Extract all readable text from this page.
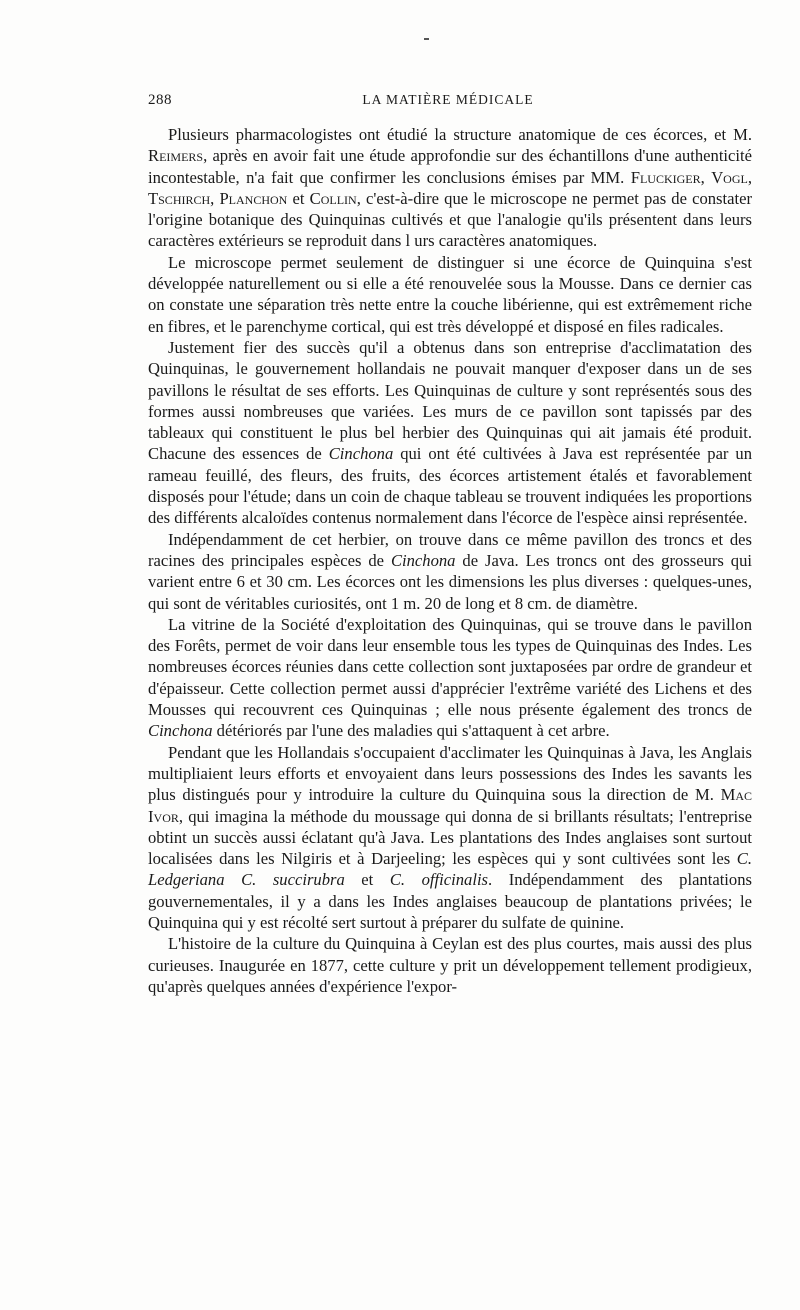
288	LA MATIÈRE MÉDICALE

Plusieurs pharmacologistes ont étudié la structure anatomique de ces écorces, et M. Reimers, après en avoir fait une étude approfondie sur des échantillons d'une authenticité incontestable, n'a fait que confirmer les conclusions émises par MM. Fluckiger, Vogl, Tschirch, Planchon et Collin, c'est-à-dire que le microscope ne permet pas de constater l'origine botanique des Quinquinas cultivés et que l'analogie qu'ils présentent dans leurs caractères extérieurs se reproduit dans l urs caractères anatomiques.

Le microscope permet seulement de distinguer si une écorce de Quinquina s'est développée naturellement ou si elle a été renouvelée sous la Mousse. Dans ce dernier cas on constate une séparation très nette entre la couche libérienne, qui est extrêmement riche en fibres, et le parenchyme cortical, qui est très développé et disposé en files radicales.

Justement fier des succès qu'il a obtenus dans son entreprise d'acclimatation des Quinquinas, le gouvernement hollandais ne pouvait manquer d'exposer dans un de ses pavillons le résultat de ses efforts. Les Quinquinas de culture y sont représentés sous des formes aussi nombreuses que variées. Les murs de ce pavillon sont tapissés par des tableaux qui constituent le plus bel herbier des Quinquinas qui ait jamais été produit. Chacune des essences de Cinchona qui ont été cultivées à Java est représentée par un rameau feuillé, des fleurs, des fruits, des écorces artistement étalés et favorablement disposés pour l'étude; dans un coin de chaque tableau se trouvent indiquées les proportions des différents alcaloïdes contenus normalement dans l'écorce de l'espèce ainsi représentée.

Indépendamment de cet herbier, on trouve dans ce même pavillon des troncs et des racines des principales espèces de Cinchona de Java. Les troncs ont des grosseurs qui varient entre 6 et 30 cm. Les écorces ont les dimensions les plus diverses : quelques-unes, qui sont de véritables curiosités, ont 1 m. 20 de long et 8 cm. de diamètre.

La vitrine de la Société d'exploitation des Quinquinas, qui se trouve dans le pavillon des Forêts, permet de voir dans leur ensemble tous les types de Quinquinas des Indes. Les nombreuses écorces réunies dans cette collection sont juxtaposées par ordre de grandeur et d'épaisseur. Cette collection permet aussi d'apprécier l'extrême variété des Lichens et des Mousses qui recouvrent ces Quinquinas ; elle nous présente également des troncs de Cinchona détériorés par l'une des maladies qui s'attaquent à cet arbre.

Pendant que les Hollandais s'occupaient d'acclimater les Quinquinas à Java, les Anglais multipliaient leurs efforts et envoyaient dans leurs possessions des Indes les savants les plus distingués pour y introduire la culture du Quinquina sous la direction de M. Mac Ivor, qui imagina la méthode du moussage qui donna de si brillants résultats; l'entreprise obtint un succès aussi éclatant qu'à Java. Les plantations des Indes anglaises sont surtout localisées dans les Nilgiris et à Darjeeling; les espèces qui y sont cultivées sont les C. Ledgeriana C. succirubra et C. officinalis. Indépendamment des plantations gouvernementales, il y a dans les Indes anglaises beaucoup de plantations privées; le Quinquina qui y est récolté sert surtout à préparer du sulfate de quinine.

L'histoire de la culture du Quinquina à Ceylan est des plus courtes, mais aussi des plus curieuses. Inaugurée en 1877, cette culture y prit un développement tellement prodigieux, qu'après quelques années d'expérience l'expor-
